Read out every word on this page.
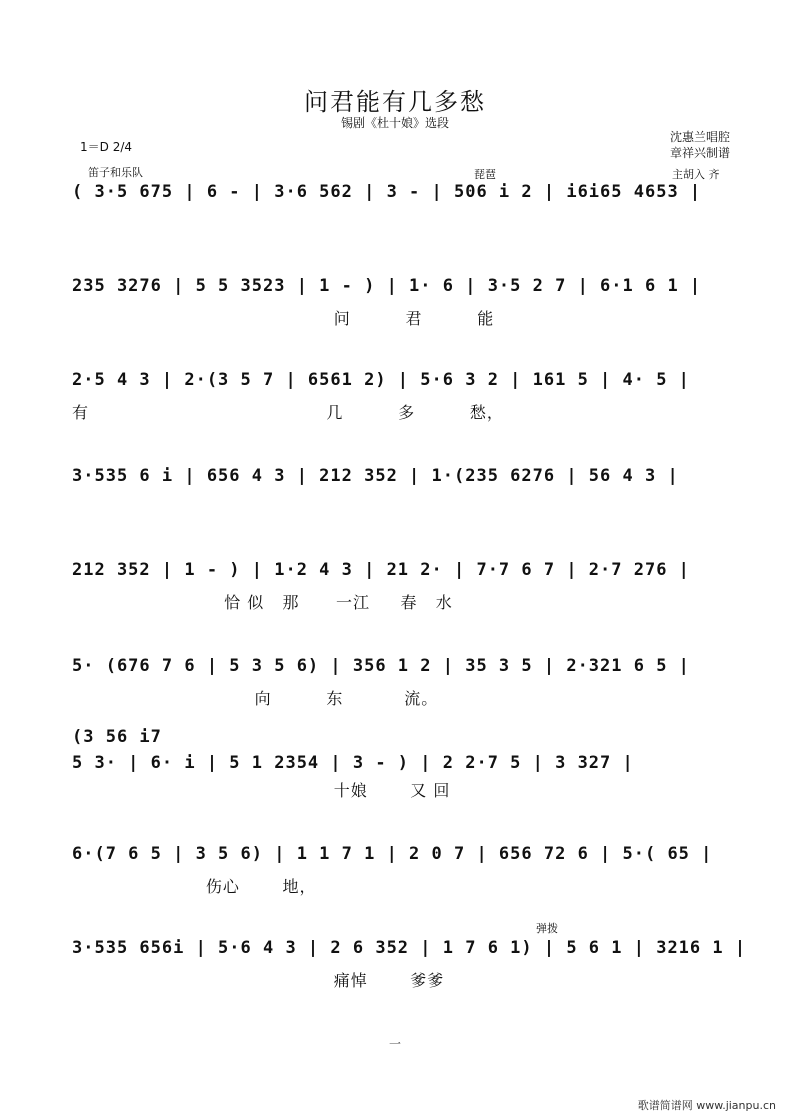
问君能有几多愁
锡剧《杜十娘》选段
沈惠兰唱腔
章祥兴制谱
1＝D 2/4
笛子和乐队	琵琶	主胡入 齐
弹拨
( 3·5 675 | 6 - | 3·6 562 | 3 - | 506 i 2 | i6i65 4653 |
235 3276 | 5 5 3523 | 1 - ) | 1· 6 | 3·5 2 7 | 6·1 6 1 |
问         君         能
2·5 4 3 | 2·(3 5 7 | 6561 2) | 5·6 3 2 | 161 5 | 4· 5 |
有                                       几         多         愁，
3·535 6 i | 656 4 3 | 212 352 | 1·(235 6276 | 56 4 3 |
212 352 | 1 - ) | 1·2 4 3 | 21 2· | 7·7 6 7 | 2·7 276 |
恰 似   那      一江     春   水
5· (676 7 6 | 5 3 5 6) | 356 1 2 | 35 3 5 | 2·321 6 5 |
向         东          流。
(3 56 i7
5 3· | 6· i | 5 1 2354 | 3 - ) | 2 2·7 5 | 3 327 |
十娘       又 回
6·(7 6 5 | 3 5 6) | 1 1 7 1 | 2 0 7 | 656 72 6 | 5·( 65 |
伤心       地，
3·535 656i | 5·6 4 3 | 2 6 352 | 1 7 6 1) | 5 6 1 | 3216 1 |
痛悼       爹爹
一
歌谱简谱网 www.jianpu.cn
